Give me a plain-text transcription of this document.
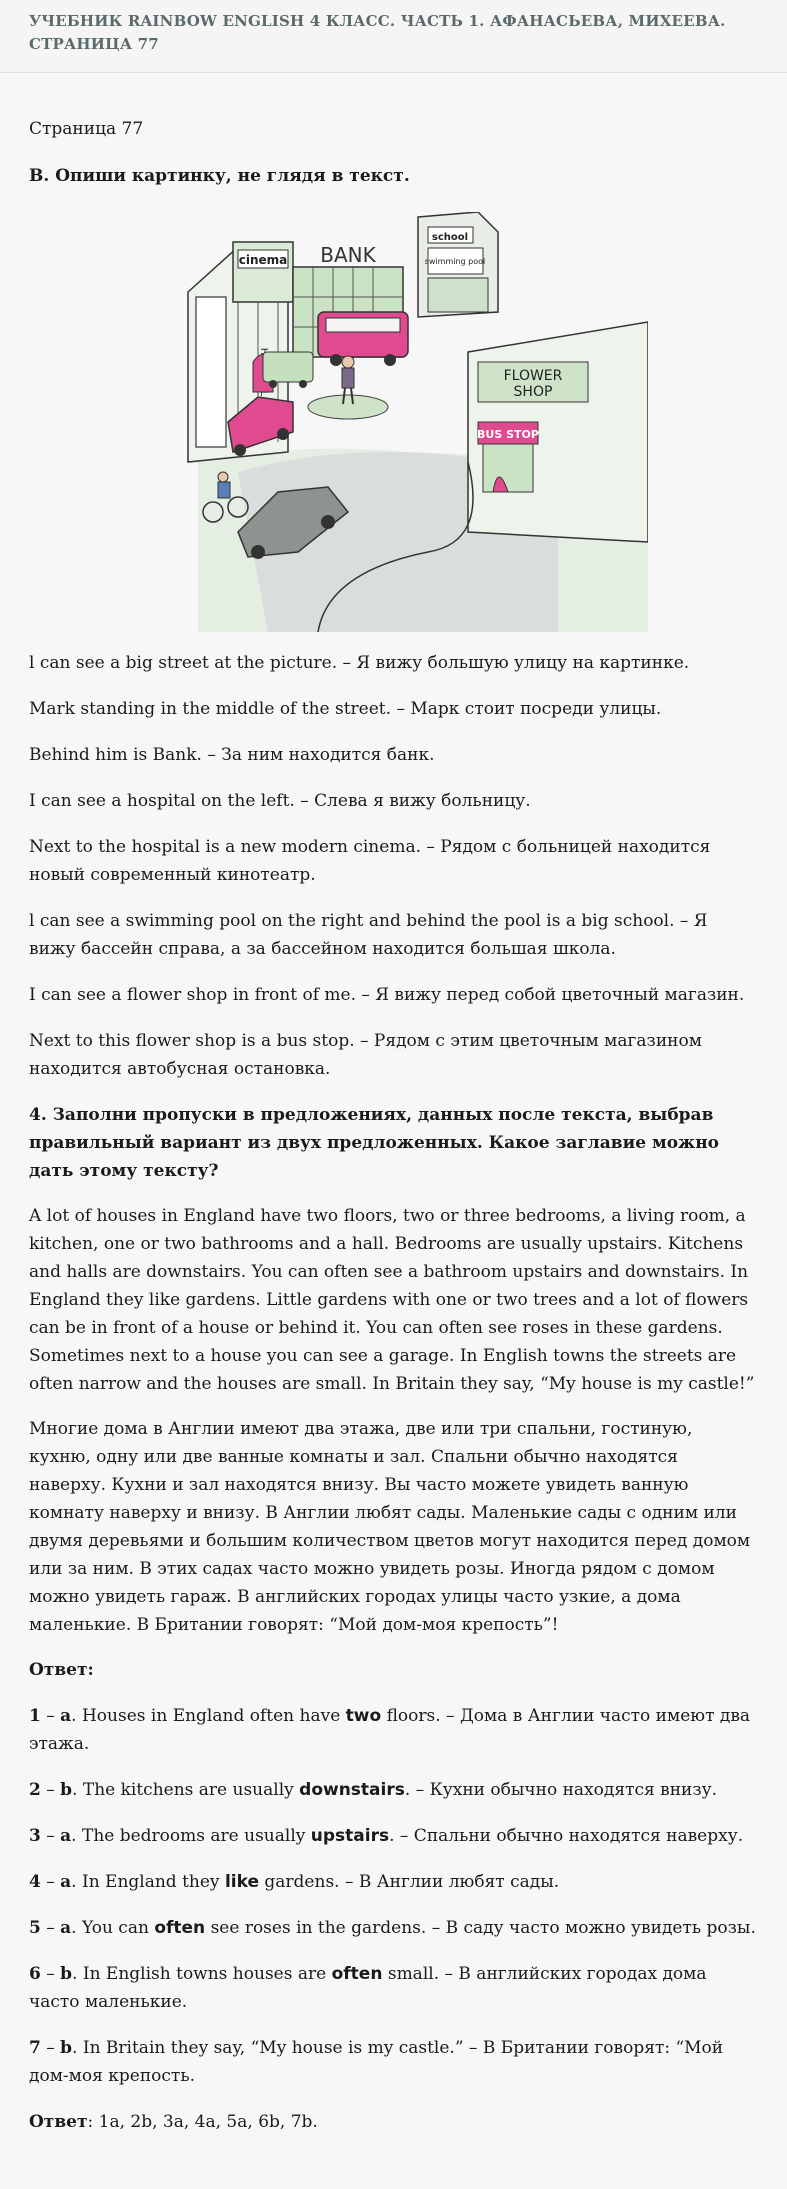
УЧЕБНИК RAINBOW ENGLISH 4 КЛАСС. ЧАСТЬ 1. АФАНАСЬЕВА, МИХЕЕВА. СТРАНИЦА 77

Страница 77

B. Опиши картинку, не глядя в текст.

cinema BANK
school
swimming pool
FLOWER
SHOP
BUS STOP

l can see a big street at the picture. – Я вижу большую улицу на картинке.

Mark standing in the middle of the street. – Марк стоит посреди улицы.

Behind him is Bank. – За ним находится банк.

I can see a hospital on the left. – Слева я вижу больницу.

Next to the hospital is a new modern cinema. – Рядом с больницей находится новый современный кинотеатр.

l can see a swimming pool on the right and behind the pool is a big school. – Я вижу бассейн справа, а за бассейном находится большая школа.

I can see a flower shop in front of me. – Я вижу перед собой цветочный магазин.

Next to this flower shop is a bus stop. – Рядом с этим цветочным магазином находится автобусная остановка.

4. Заполни пропуски в предложениях, данных после текста, выбрав правильный вариант из двух предложенных. Какое заглавие можно дать этому тексту?

A lot of houses in England have two floors, two or three bedrooms, a living room, a kitchen, one or two bathrooms and a hall. Bedrooms are usually upstairs. Kitchens and halls are downstairs. You can often see a bathroom upstairs and downstairs. In England they like gardens. Little gardens with one or two trees and a lot of flowers can be in front of a house or behind it. You can often see roses in these gardens. Sometimes next to a house you can see a garage. In English towns the streets are often narrow and the houses are small. In Britain they say, “My house is my castle!”

Многие дома в Англии имеют два этажа, две или три спальни, гостиную, кухню, одну или две ванные комнаты и зал. Спальни обычно находятся наверху. Кухни и зал находятся внизу. Вы часто можете увидеть ванную комнату наверху и внизу. В Англии любят сады. Маленькие сады с одним или двумя деревьями и большим количеством цветов могут находится перед домом или за ним. В этих садах часто можно увидеть розы. Иногда рядом с домом можно увидеть гараж. В английских городах улицы часто узкие, а дома маленькие. В Британии говорят: “Мой дом-моя крепость”!

Ответ:

1 – a. Houses in England often have two floors. – Дома в Англии часто имеют два этажа.

2 – b. The kitchens are usually downstairs. – Кухни обычно находятся внизу.

3 – a. The bedrooms are usually upstairs. – Спальни обычно находятся наверху.

4 – a. In England they like gardens. – В Англии любят сады.

5 – a. You can often see roses in the gardens. – В саду часто можно увидеть розы.

6 – b. In English towns houses are often small. – В английских городах дома часто маленькие.

7 – b. In Britain they say, “My house is my castle.” – В Британии говорят: “Мой дом-моя крепость.

Ответ: 1a, 2b, 3a, 4a, 5a, 6b, 7b.
